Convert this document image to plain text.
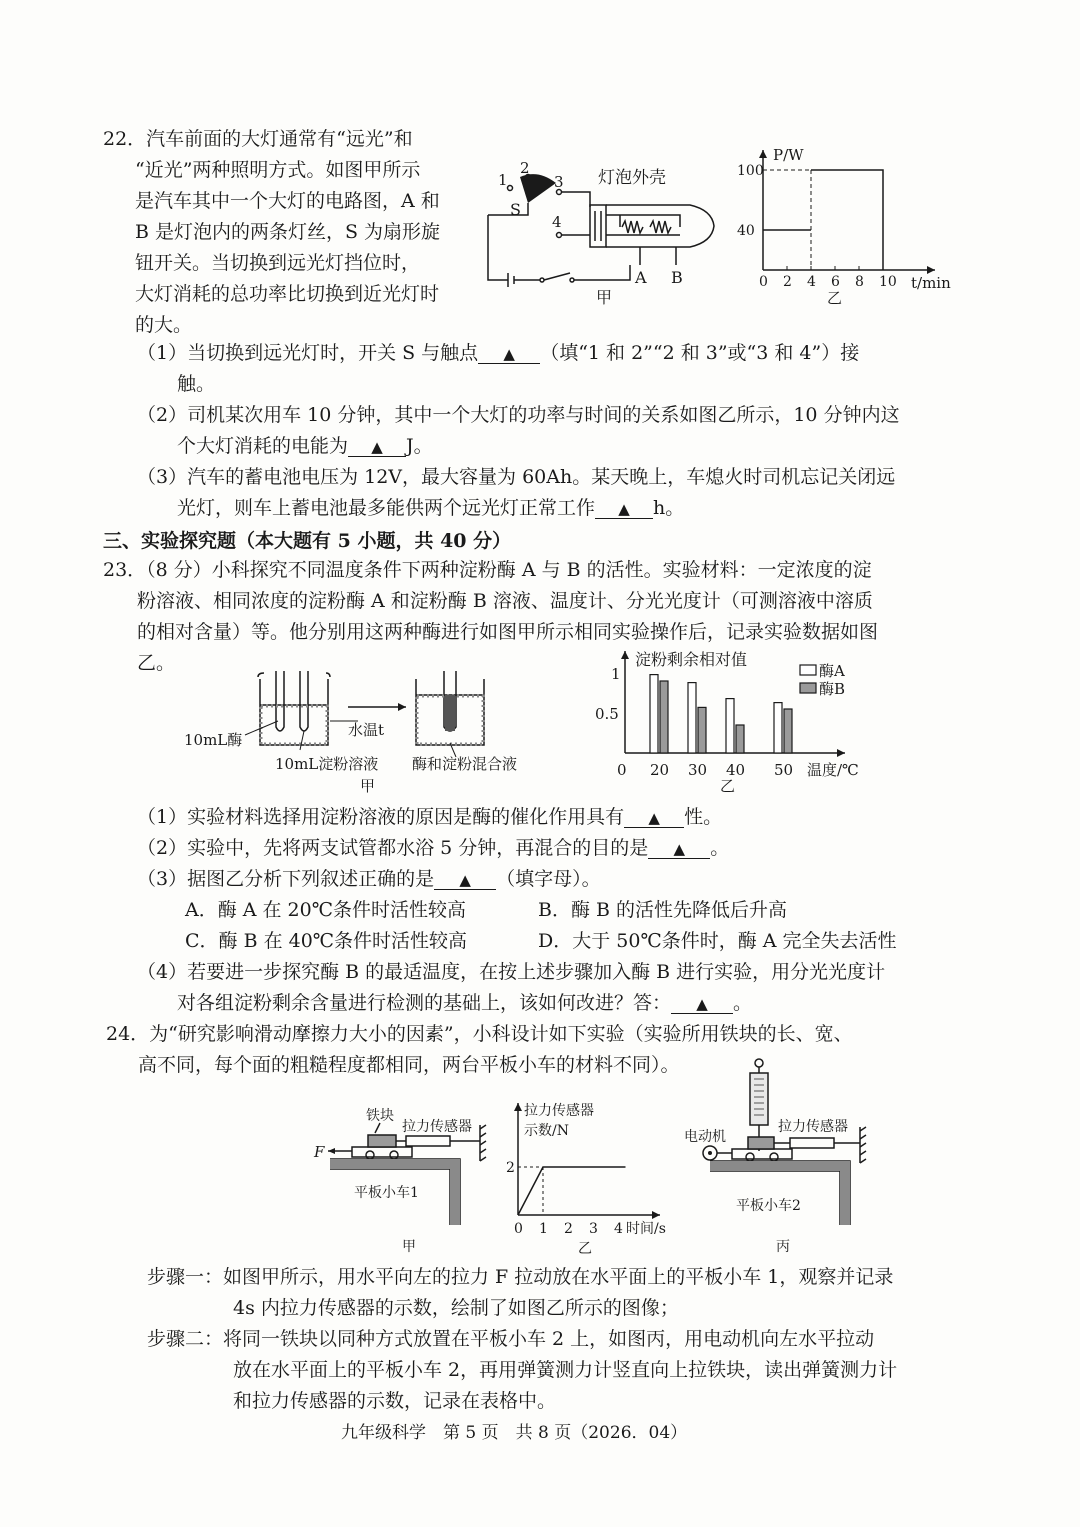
22．汽车前面的大灯通常有“远光”和
“近光”两种照明方式。如图甲所示
是汽车其中一个大灯的电路图，A 和
B 是灯泡内的两条灯丝，S 为扇形旋
钮开关。当切换到远光灯挡位时，
大灯消耗的总功率比切换到近光灯时
的大。
1
2
3
4
S
灯泡外壳
A B
甲
P/W
t/min
0 2 4 6 8 10
40
100
乙
（1）当切换到远光灯时，开关 S 与触点 ▲ （填“1 和 2”“2 和 3”或“3 和 4”）接
触。
（2）司机某次用车 10 分钟，其中一个大灯的功率与时间的关系如图乙所示，10 分钟内这
个大灯消耗的电能为 ▲ J。
（3）汽车的蓄电池电压为 12V，最大容量为 60Ah。某天晚上，车熄火时司机忘记关闭远
光灯，则车上蓄电池最多能供两个远光灯正常工作 ▲ h。
三、实验探究题（本大题有 5 小题，共 40 分）
23．（8 分）小科探究不同温度条件下两种淀粉酶 A 与 B 的活性。实验材料：一定浓度的淀
粉溶液、相同浓度的淀粉酶 A 和淀粉酶 B 溶液、温度计、分光光度计（可测溶液中溶质
的相对含量）等。他分别用这两种酶进行如图甲所示相同实验操作后，记录实验数据如图
乙。
10mL酶
10mL淀粉溶液
水温t
酶和淀粉混合液
甲
淀粉剩余相对值
0.5
1
0 20 30 40 50 温度/℃
酶A
酶B
乙
（1）实验材料选择用淀粉溶液的原因是酶的催化作用具有 ▲ 性。
（2）实验中，先将两支试管都水浴 5 分钟，再混合的目的是 ▲ 。
（3）据图乙分析下列叙述正确的是 ▲ （填字母）。
A．酶 A 在 20℃条件时活性较高	B．酶 B 的活性先降低后升高
C．酶 B 在 40℃条件时活性较高	D．大于 50℃条件时，酶 A 完全失去活性
（4）若要进一步探究酶 B 的最适温度，在按上述步骤加入酶 B 进行实验，用分光光度计
对各组淀粉剩余含量进行检测的基础上，该如何改进？答： ▲ 。
24．为“研究影响滑动摩擦力大小的因素”，小科设计如下实验（实验所用铁块的长、宽、
高不同，每个面的粗糙程度都相同，两台平板小车的材料不同）。
F
铁块
拉力传感器
平板小车1
甲
拉力传感器
示数/N
2
0 1 2 3 4 时间/s
乙
电动机
拉力传感器
平板小车2
丙
步骤一：如图甲所示，用水平向左的拉力 F 拉动放在水平面上的平板小车 1，观察并记录
4s 内拉力传感器的示数，绘制了如图乙所示的图像；
步骤二：将同一铁块以同种方式放置在平板小车 2 上，如图丙，用电动机向左水平拉动
放在水平面上的平板小车 2，再用弹簧测力计竖直向上拉铁块，读出弹簧测力计
和拉力传感器的示数，记录在表格中。
九年级科学　第 5 页　共 8 页（2026．04）
